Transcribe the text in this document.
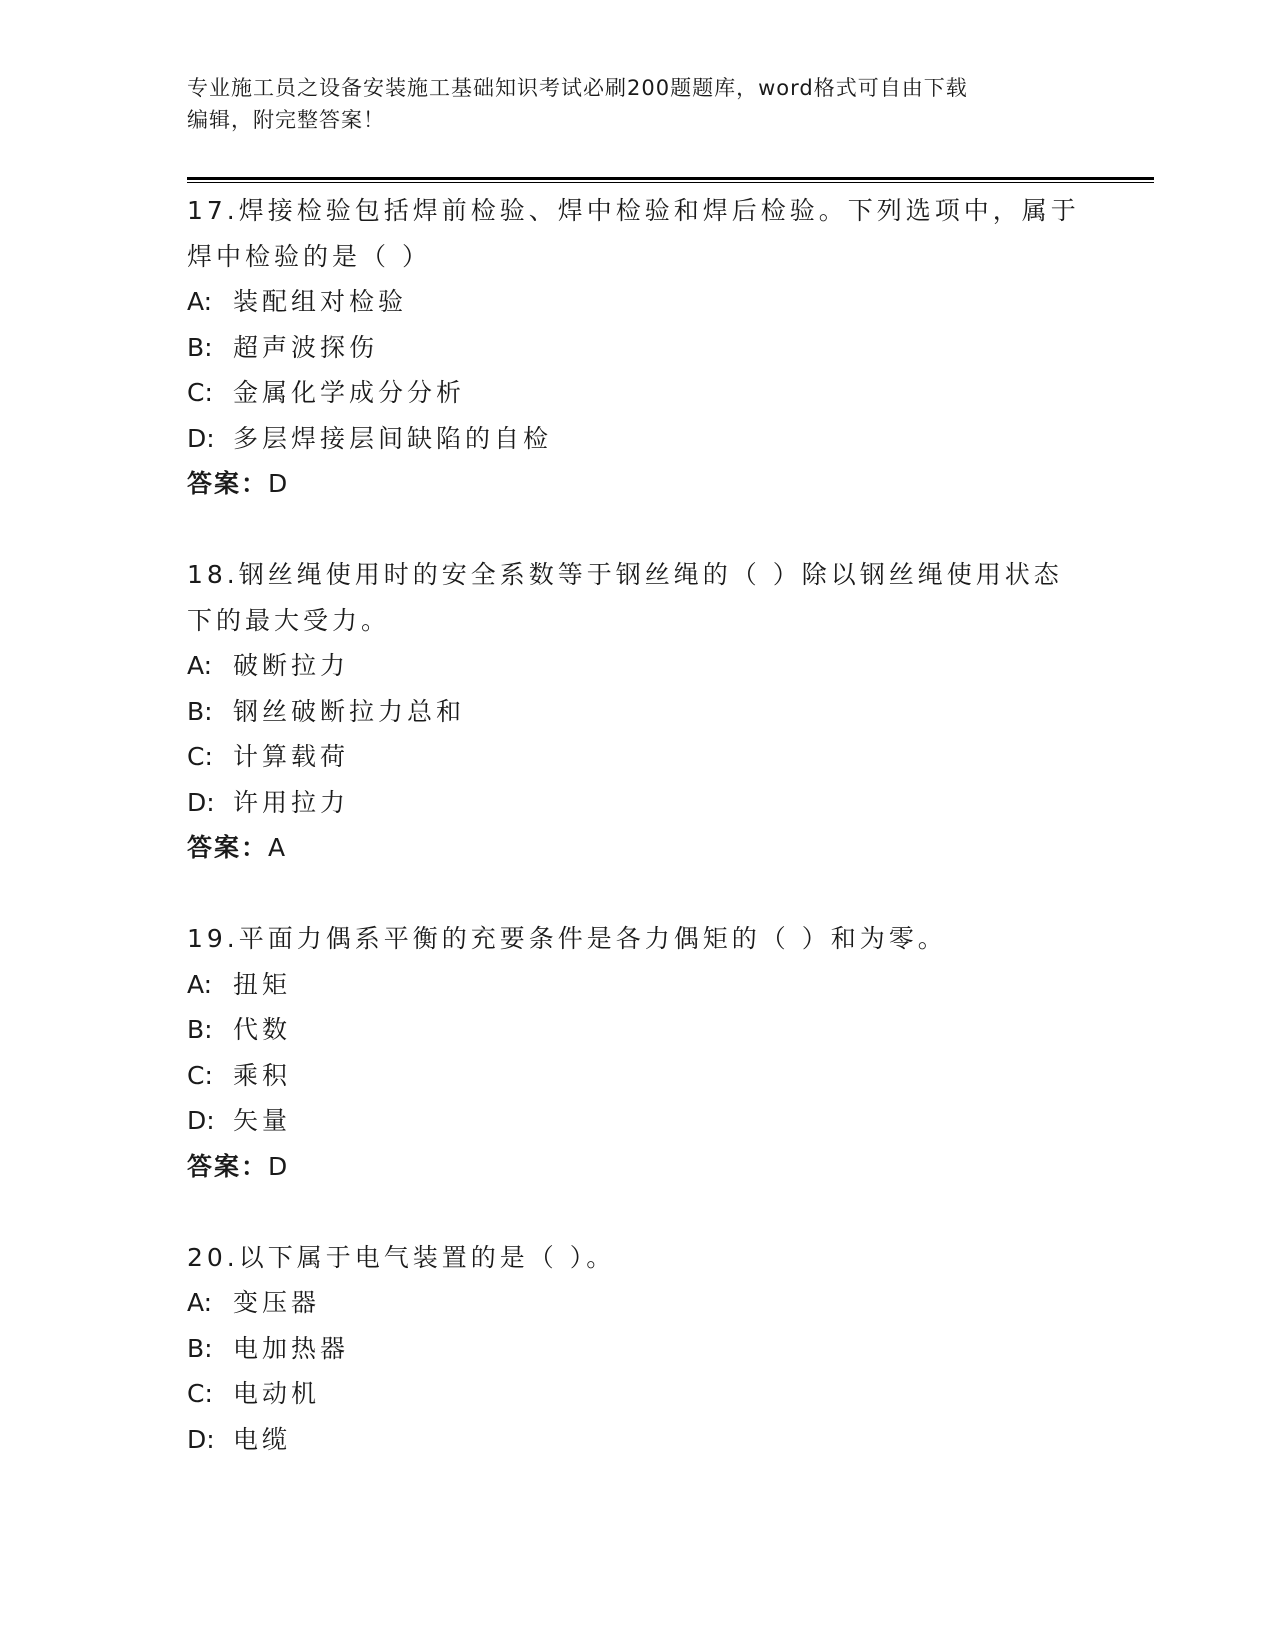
专业施工员之设备安装施工基础知识考试必刷200题题库，word格式可自由下载
编辑，附完整答案！
17.焊接检验包括焊前检验、焊中检验和焊后检验。下列选项中，属于
焊中检验的是（ ）
A: 装配组对检验
B: 超声波探伤
C: 金属化学成分分析
D: 多层焊接层间缺陷的自检
答案：D
18.钢丝绳使用时的安全系数等于钢丝绳的（ ）除以钢丝绳使用状态
下的最大受力。
A: 破断拉力
B: 钢丝破断拉力总和
C: 计算载荷
D: 许用拉力
答案：A
19.平面力偶系平衡的充要条件是各力偶矩的（ ）和为零。
A: 扭矩
B: 代数
C: 乘积
D: 矢量
答案：D
20.以下属于电气装置的是（ ）。
A: 变压器
B: 电加热器
C: 电动机
D: 电缆
